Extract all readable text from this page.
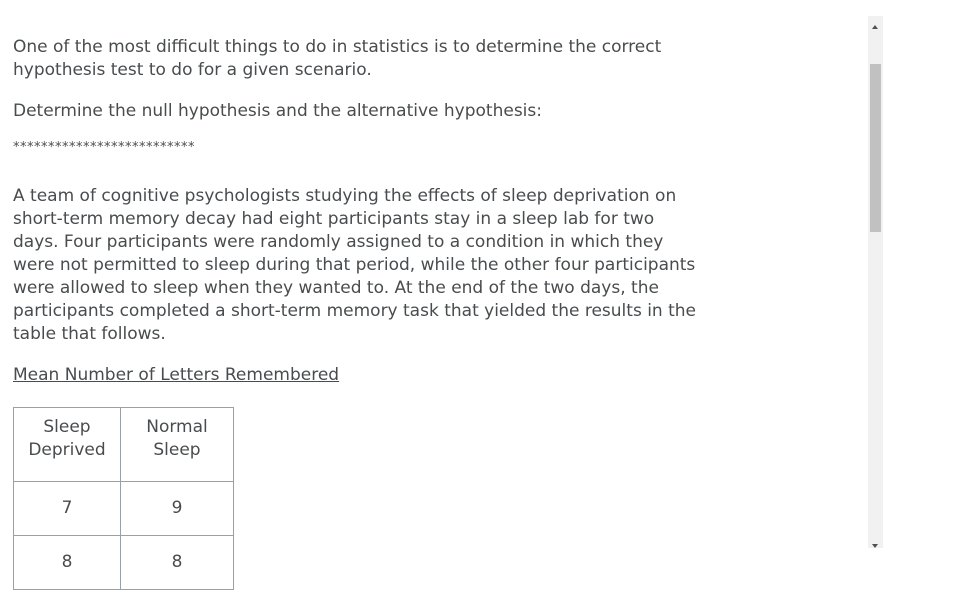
One of the most difficult things to do in statistics is to determine the correct hypothesis test to do for a given scenario.

Determine the null hypothesis and the alternative hypothesis:

**************************

A team of cognitive psychologists studying the effects of sleep deprivation on short-term memory decay had eight participants stay in a sleep lab for two days. Four participants were randomly assigned to a condition in which they were not permitted to sleep during that period, while the other four participants were allowed to sleep when they wanted to. At the end of the two days, the participants completed a short-term memory task that yielded the results in the table that follows.

Mean Number of Letters Remembered

Sleep Deprived	Normal Sleep
7	9
8	8
